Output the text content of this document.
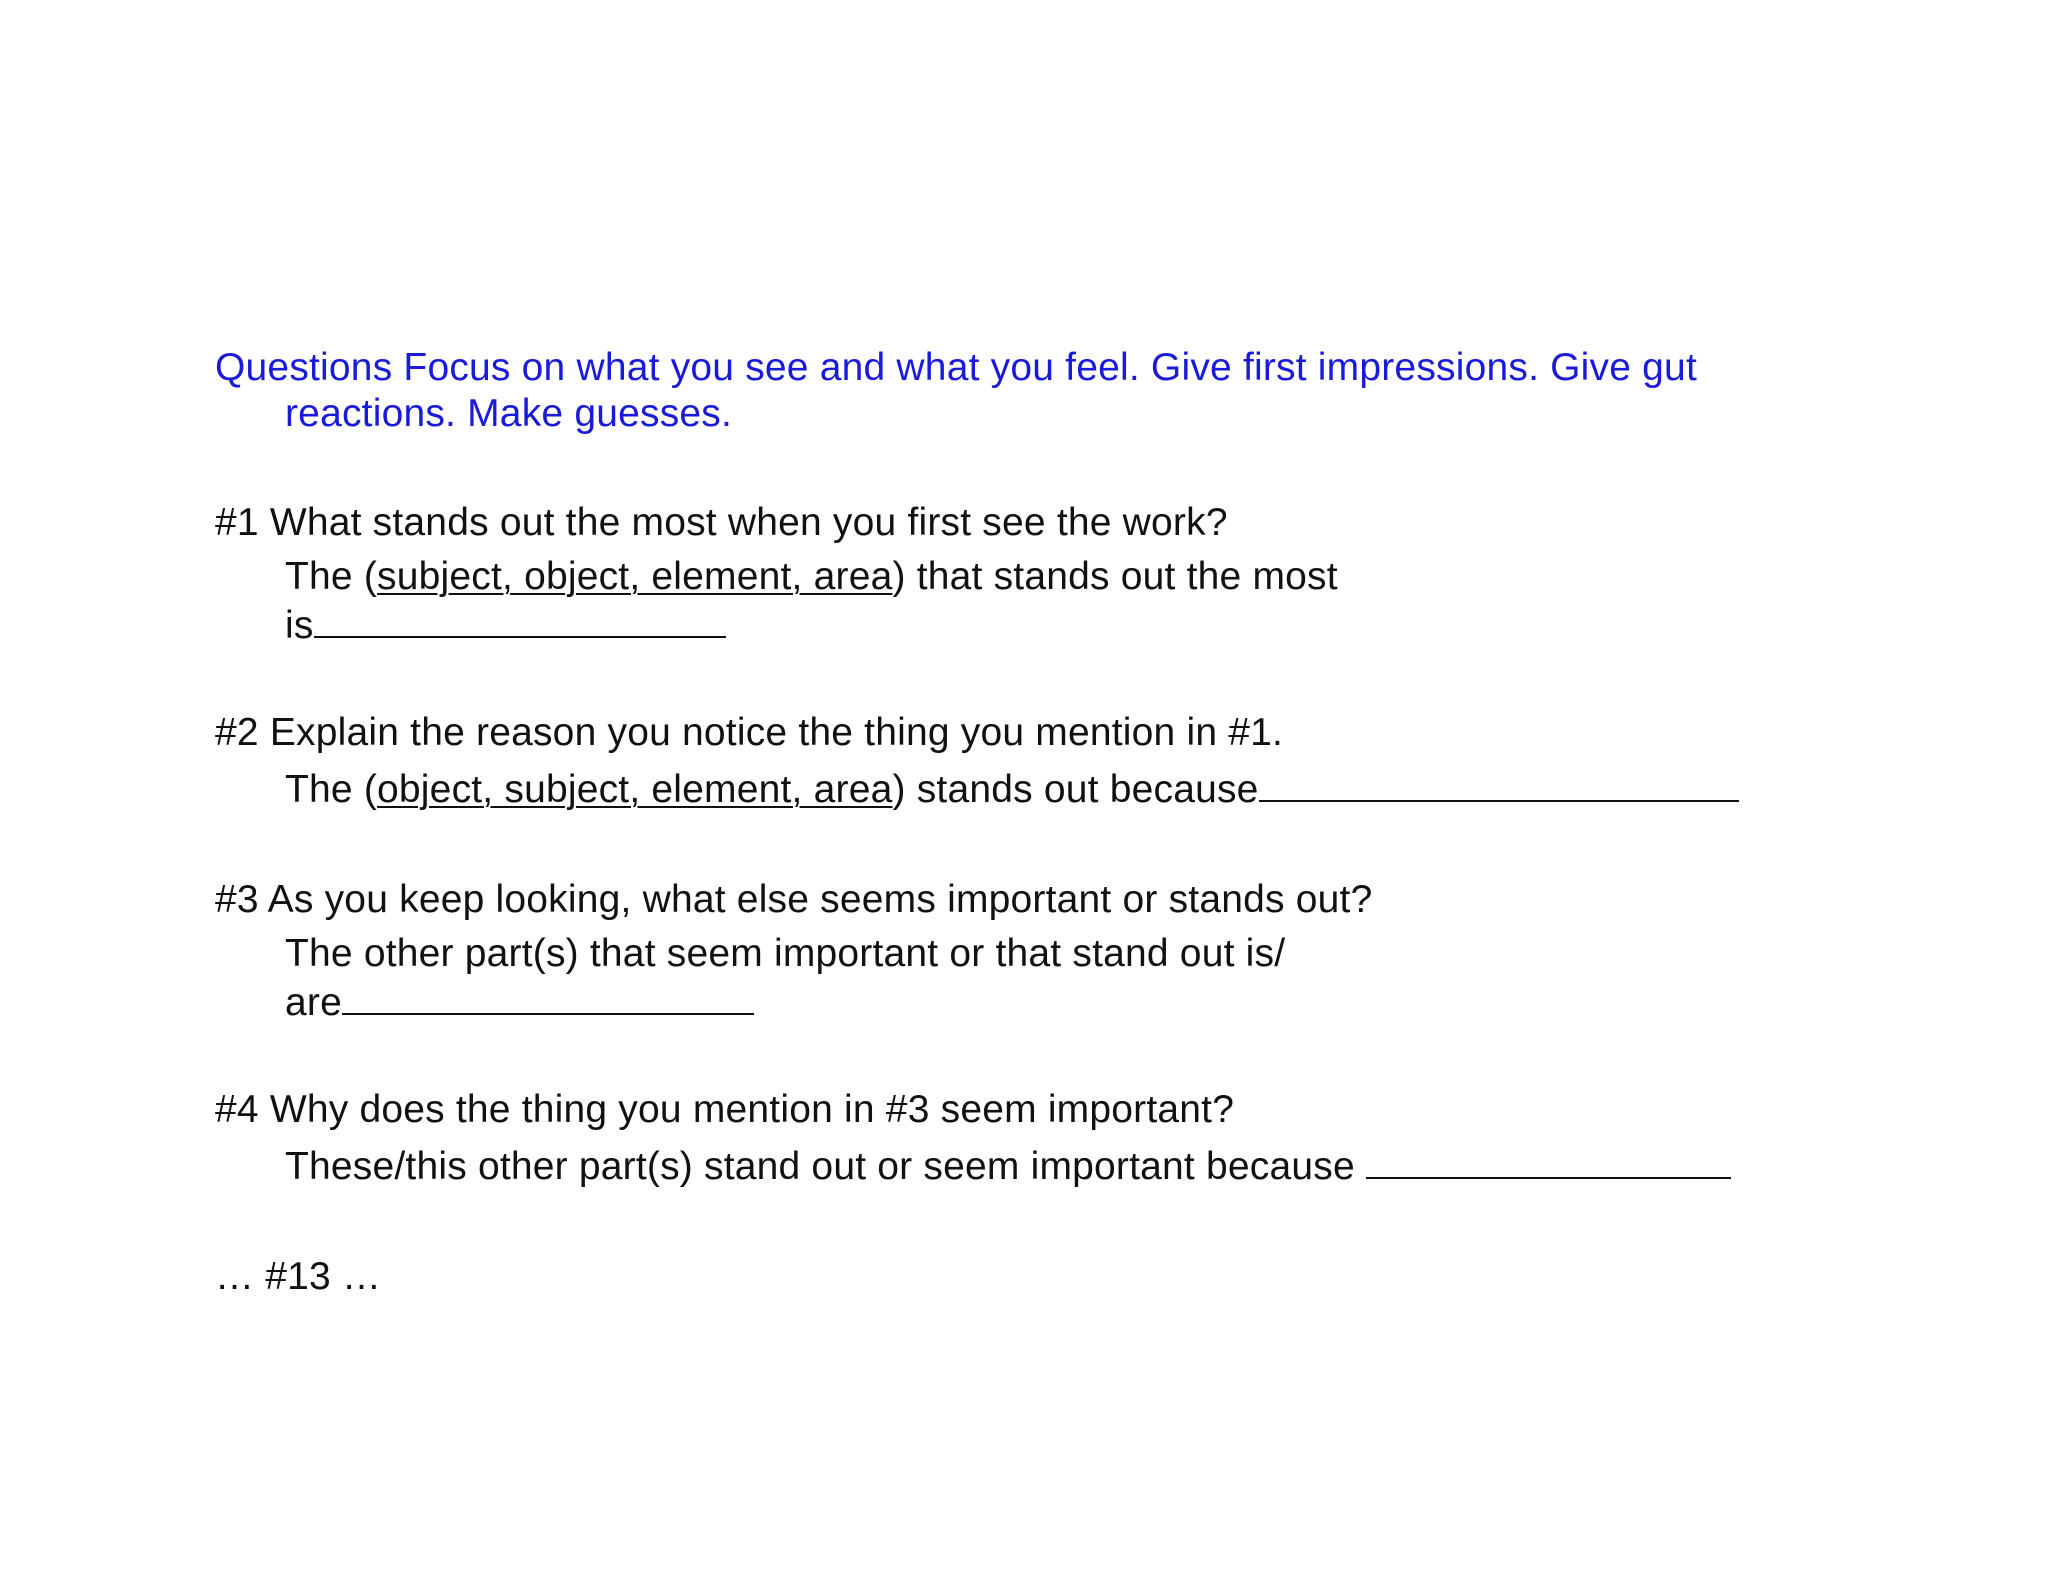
Questions Focus on what you see and what you feel. Give first impressions. Give gut
reactions. Make guesses.
#1 What stands out the most when you first see the work?
The (subject, object, element, area) that stands out the most
is
#2 Explain the reason you notice the thing you mention in #1.
The (object, subject, element, area) stands out because
#3 As you keep looking, what else seems important or stands out?
The other part(s) that seem important or that stand out is/
are
#4 Why does the thing you mention in #3 seem important?
These/this other part(s) stand out or seem important because
… #13 …
